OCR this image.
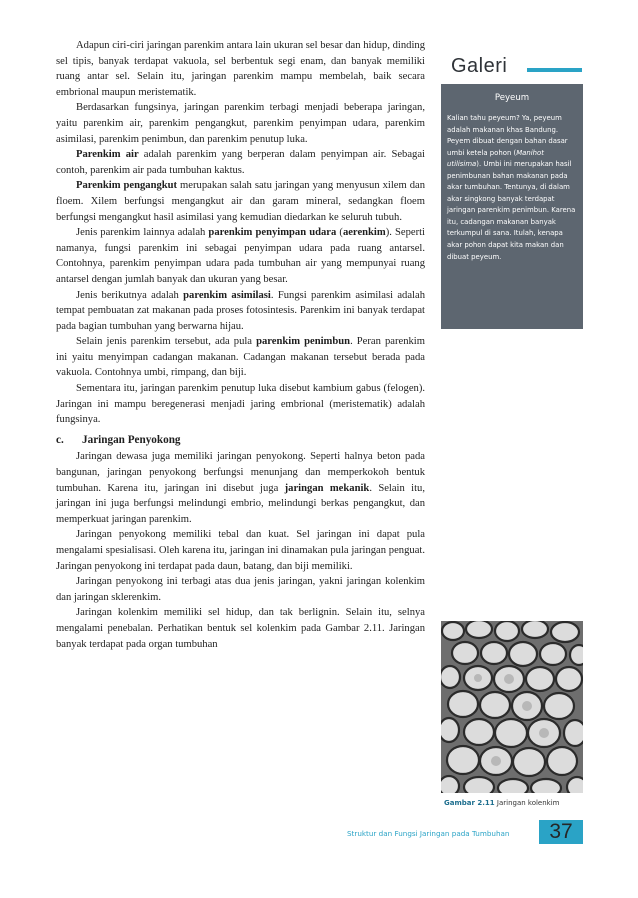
Adapun ciri-ciri jaringan parenkim antara lain ukuran sel besar dan hidup, dinding sel tipis, banyak terdapat vakuola, sel berbentuk segi enam, dan banyak memiliki ruang antar sel. Selain itu, jaringan parenkim mampu membelah, baik secara embrional maupun meristematik.

Berdasarkan fungsinya, jaringan parenkim terbagi menjadi beberapa jaringan, yaitu parenkim air, parenkim pengangkut, parenkim penyimpan udara, parenkim asimilasi, parenkim penimbun, dan parenkim penutup luka.

Parenkim air adalah parenkim yang berperan dalam penyimpan air. Sebagai contoh, parenkim air pada tumbuhan kaktus.

Parenkim pengangkut merupakan salah satu jaringan yang menyusun xilem dan floem. Xilem berfungsi mengangkut air dan garam mineral, sedangkan floem berfungsi mengangkut hasil asimilasi yang kemudian diedarkan ke seluruh tubuh.

Jenis parenkim lainnya adalah parenkim penyimpan udara (aerenkim). Seperti namanya, fungsi parenkim ini sebagai penyimpan udara pada ruang antarsel. Contohnya, parenkim penyimpan udara pada tumbuhan air yang mempunyai ruang antarsel dengan jumlah banyak dan ukuran yang besar.

Jenis berikutnya adalah parenkim asimilasi. Fungsi parenkim asimilasi adalah tempat pembuatan zat makanan pada proses fotosintesis. Parenkim ini banyak terdapat pada bagian tumbuhan yang berwarna hijau.

Selain jenis parenkim tersebut, ada pula parenkim penimbun. Peran parenkim ini yaitu menyimpan cadangan makanan. Cadangan makanan tersebut berada pada vakuola. Contohnya umbi, rimpang, dan biji.

Sementara itu, jaringan parenkim penutup luka disebut kambium gabus (felogen). Jaringan ini mampu beregenerasi menjadi jaring embrional (meristematik) adalah fungsinya.

c. Jaringan Penyokong

Jaringan dewasa juga memiliki jaringan penyokong. Seperti halnya beton pada bangunan, jaringan penyokong berfungsi menunjang dan memperkokoh bentuk tumbuhan. Karena itu, jaringan ini disebut juga jaringan mekanik. Selain itu, jaringan ini juga berfungsi melindungi embrio, melindungi berkas pengangkut, dan memperkuat jaringan parenkim.

Jaringan penyokong memiliki tebal dan kuat. Sel jaringan ini dapat pula mengalami spesialisasi. Oleh karena itu, jaringan ini dinamakan pula jaringan penguat. Jaringan penyokong ini terdapat pada daun, batang, dan biji memiliki.

Jaringan penyokong ini terbagi atas dua jenis jaringan, yakni jaringan kolenkim dan jaringan sklerenkim.

Jaringan kolenkim memiliki sel hidup, dan tak berlignin. Selain itu, selnya mengalami penebalan. Perhatikan bentuk sel kolenkim pada Gambar 2.11. Jaringan banyak terdapat pada organ tumbuhan

Galeri
Peyeum
Kalian tahu peyeum? Ya, peyeum adalah makanan khas Bandung. Peyem dibuat dengan bahan dasar umbi ketela pohon (Manihot utilisima). Umbi ini merupakan hasil penimbunan bahan makanan pada akar tumbuhan. Tentunya, di dalam akar singkong banyak terdapat jaringan parenkim penimbun. Karena itu, cadangan makanan banyak terkumpul di sana. Itulah, kenapa akar pohon dapat kita makan dan dibuat peyeum.
Gambar 2.11 Jaringan kolenkim
Struktur dan Fungsi Jaringan pada Tumbuhan	37
